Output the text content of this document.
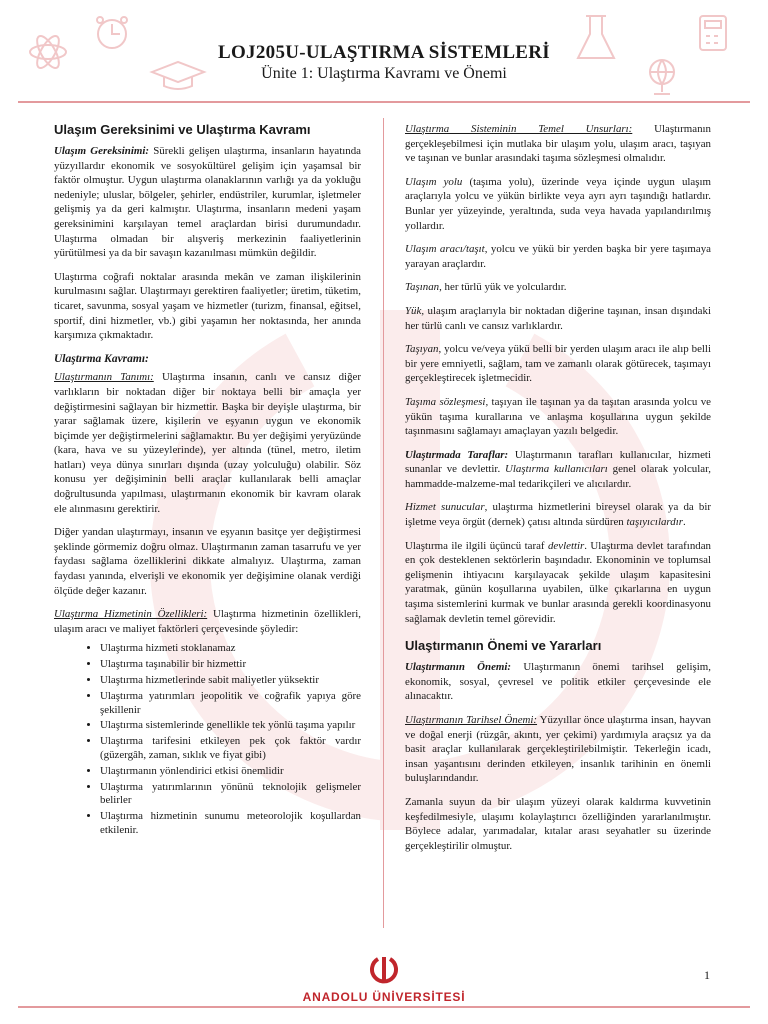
LOJ205U-ULAŞTIRMA SİSTEMLERİ

Ünite 1: Ulaştırma Kavramı ve Önemi

Ulaşım Gereksinimi ve Ulaştırma Kavramı

Ulaşım Gereksinimi: Sürekli gelişen ulaştırma, insanların hayatında yüzyıllardır ekonomik ve sosyokültürel gelişim için yaşamsal bir faktör olmuştur. Uygun ulaştırma olanaklarının varlığı ya da yokluğu nedeniyle; uluslar, bölgeler, şehirler, endüstriler, kurumlar, işletmeler gelişmiş ya da geri kalmıştır. Ulaştırma, insanların medeni yaşam gereksinimini karşılayan temel araçlardan birisi durumundadır. Ulaştırma olmadan bir alışveriş merkezinin faaliyetlerinin yürütülmesi ya da bir savaşın kazanılması mümkün değildir.

Ulaştırma coğrafi noktalar arasında mekân ve zaman ilişkilerinin kurulmasını sağlar. Ulaştırmayı gerektiren faaliyetler; üretim, tüketim, ticaret, savunma, sosyal yaşam ve hizmetler (turizm, finansal, eğitsel, sportif, dini hizmetler, vb.) gibi yaşamın her noktasında, her anında karşımıza çıkmaktadır.

Ulaştırma Kavramı:

Ulaştırmanın Tanımı: Ulaştırma insanın, canlı ve cansız diğer varlıkların bir noktadan diğer bir noktaya belli bir amaçla yer değiştirmesini sağlayan bir hizmettir. Başka bir deyişle ulaştırma, bir yarar sağlamak üzere, kişilerin ve eşyanın uygun ve ekonomik biçimde yer değiştirmelerini sağlamaktır. Bu yer değişimi yeryüzünde (kara, hava ve su yüzeylerinde), yer altında (tünel, metro, iletim hatları) veya dünya sınırları dışında (uzay yolculuğu) olabilir. Söz konusu yer değişiminin belli araçlar kullanılarak belli amaçlar doğrultusunda yapılması, ulaştırmanın ekonomik bir kavram olarak ele alınmasını gerektirir.

Diğer yandan ulaştırmayı, insanın ve eşyanın basitçe yer değiştirmesi şeklinde görmemiz doğru olmaz. Ulaştırmanın zaman tasarrufu ve yer faydası sağlama özelliklerini dikkate almalıyız. Ulaştırma, zaman faydası yanında, elverişli ve ekonomik yer değişimine olanak verdiği ölçüde değer kazanır.

Ulaştırma Hizmetinin Özellikleri: Ulaştırma hizmetinin özellikleri, ulaşım aracı ve maliyet faktörleri çerçevesinde şöyledir:

• Ulaştırma hizmeti stoklanamaz
• Ulaştırma taşınabilir bir hizmettir
• Ulaştırma hizmetlerinde sabit maliyetler yüksektir
• Ulaştırma yatırımları jeopolitik ve coğrafik yapıya göre şekillenir
• Ulaştırma sistemlerinde genellikle tek yönlü taşıma yapılır
• Ulaştırma tarifesini etkileyen pek çok faktör vardır (güzergâh, zaman, sıklık ve fiyat gibi)
• Ulaştırmanın yönlendirici etkisi önemlidir
• Ulaştırma yatırımlarının yönünü teknolojik gelişmeler belirler
• Ulaştırma hizmetinin sunumu meteorolojik koşullardan etkilenir.

Ulaştırma Sisteminin Temel Unsurları: Ulaştırmanın gerçekleşebilmesi için mutlaka bir ulaşım yolu, ulaşım aracı, taşıyan ve taşınan ve bunlar arasındaki taşıma sözleşmesi olmalıdır.

Ulaşım yolu (taşıma yolu), üzerinde veya içinde uygun ulaşım araçlarıyla yolcu ve yükün birlikte veya ayrı ayrı taşındığı hatlardır. Bunlar yer yüzeyinde, yeraltında, suda veya havada yapılandırılmış yollardır.

Ulaşım aracı/taşıt, yolcu ve yükü bir yerden başka bir yere taşımaya yarayan araçlardır.

Taşınan, her türlü yük ve yolculardır.

Yük, ulaşım araçlarıyla bir noktadan diğerine taşınan, insan dışındaki her türlü canlı ve cansız varlıklardır.

Taşıyan, yolcu ve/veya yükü belli bir yerden ulaşım aracı ile alıp belli bir yere emniyetli, sağlam, tam ve zamanlı olarak götürecek, taşımayı gerçekleştirecek işletmecidir.

Taşıma sözleşmesi, taşıyan ile taşınan ya da taşıtan arasında yolcu ve yükün taşıma kurallarına ve anlaşma koşullarına uygun şekilde taşınmasını sağlamayı amaçlayan yazılı belgedir.

Ulaştırmada Taraflar: Ulaştırmanın tarafları kullanıcılar, hizmeti sunanlar ve devlettir. Ulaştırma kullanıcıları genel olarak yolcular, hammadde-malzeme-mal tedarikçileri ve alıcılardır.

Hizmet sunucular, ulaştırma hizmetlerini bireysel olarak ya da bir işletme veya örgüt (dernek) çatısı altında sürdüren taşıyıcılardır.

Ulaştırma ile ilgili üçüncü taraf devlettir. Ulaştırma devlet tarafından en çok desteklenen sektörlerin başındadır. Ekonominin ve toplumsal gelişmenin ihtiyacını karşılayacak şekilde ulaşım kapasitesini yaratmak, günün koşullarına uyabilen, ülke çıkarlarına en uygun taşıma sistemlerini kurmak ve bunlar arasında gerekli koordinasyonu sağlamak devletin temel görevidir.

Ulaştırmanın Önemi ve Yararları

Ulaştırmanın Önemi: Ulaştırmanın önemi tarihsel gelişim, ekonomik, sosyal, çevresel ve politik etkiler çerçevesinde ele alınacaktır.

Ulaştırmanın Tarihsel Önemi: Yüzyıllar önce ulaştırma insan, hayvan ve doğal enerji (rüzgâr, akıntı, yer çekimi) yardımıyla araçsız ya da basit araçlar kullanılarak gerçekleştirilebilmiştir. Tekerleğin icadı, insan yaşantısını derinden etkileyen, insanlık tarihinin en önemli buluşlarındandır.

Zamanla suyun da bir ulaşım yüzeyi olarak kaldırma kuvvetinin keşfedilmesiyle, ulaşımı kolaylaştırıcı özelliğinden yararlanılmıştır. Böylece adalar, yarımadalar, kıtalar arası seyahatler su üzerinde gerçekleştirilir olmuştur.

1
ANADOLU ÜNİVERSİTESİ
